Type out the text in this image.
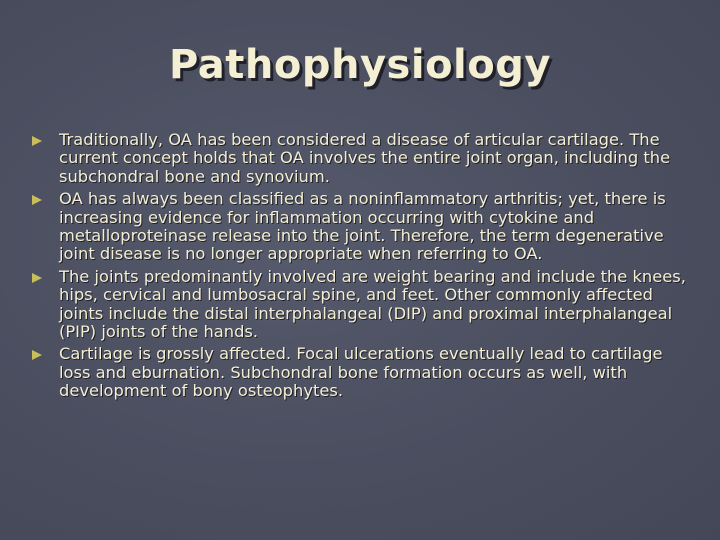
Pathophysiology
Traditionally, OA has been considered a disease of articular cartilage. The current concept holds that OA involves the entire joint organ, including the subchondral bone and synovium.
OA has always been classified as a noninflammatory arthritis; yet, there is increasing evidence for inflammation occurring with cytokine and metalloproteinase release into the joint. Therefore, the term degenerative joint disease is no longer appropriate when referring to OA.
The joints predominantly involved are weight bearing and include the knees, hips, cervical and lumbosacral spine, and feet. Other commonly affected joints include the distal interphalangeal (DIP) and proximal interphalangeal (PIP) joints of the hands.
Cartilage is grossly affected. Focal ulcerations eventually lead to cartilage loss and eburnation. Subchondral bone formation occurs as well, with development of bony osteophytes.
